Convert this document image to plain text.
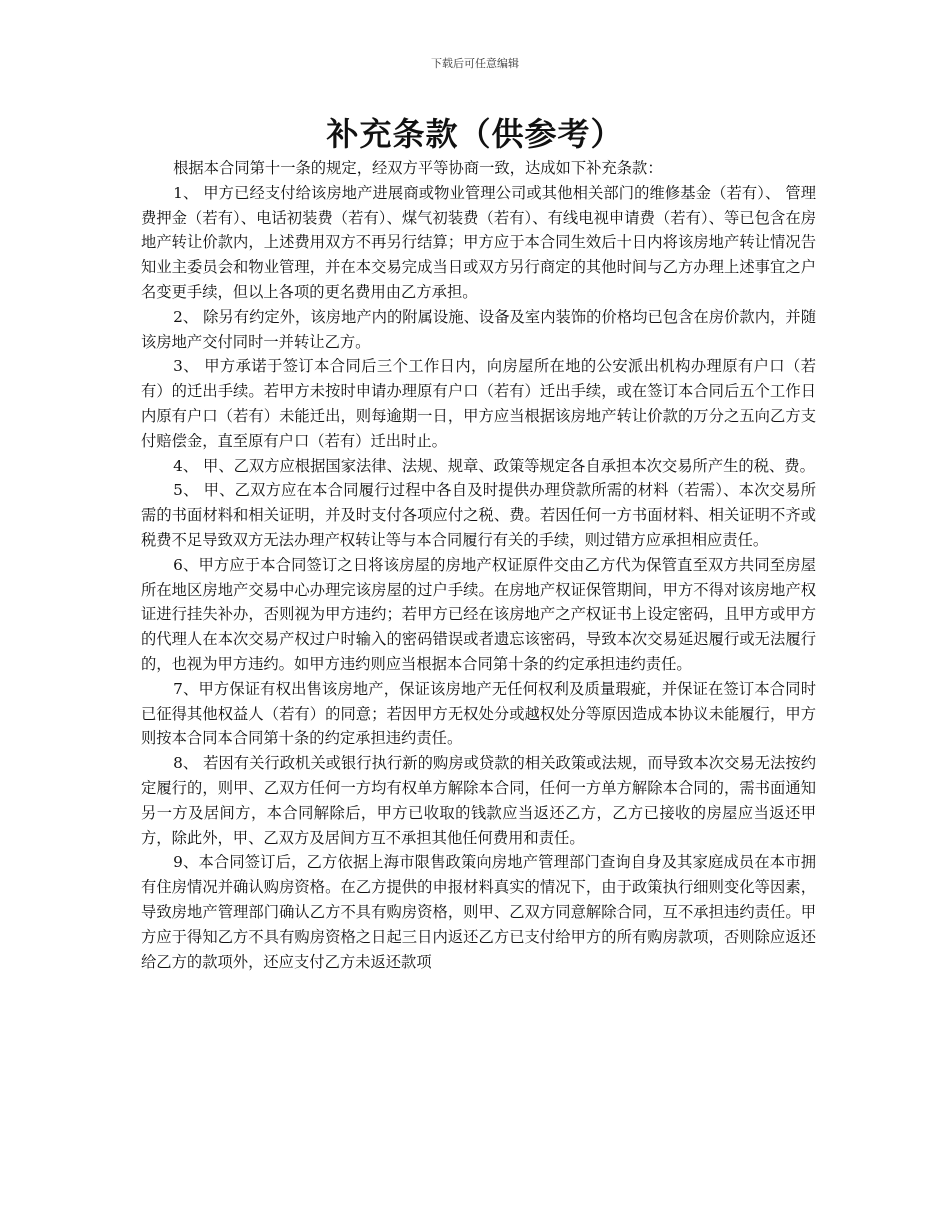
下载后可任意编辑
补充条款（供参考）

根据本合同第十一条的规定，经双方平等协商一致，达成如下补充条款：

1、 甲方已经支付给该房地产进展商或物业管理公司或其他相关部门的维修基金（若有）、 管理费押金（若有）、电话初装费（若有）、煤气初装费（若有）、有线电视申请费（若有）、等已包含在房地产转让价款内，上述费用双方不再另行结算；甲方应于本合同生效后十日内将该房地产转让情况告知业主委员会和物业管理，并在本交易完成当日或双方另行商定的其他时间与乙方办理上述事宜之户名变更手续，但以上各项的更名费用由乙方承担。

2、 除另有约定外，该房地产内的附属设施、设备及室内装饰的价格均已包含在房价款内，并随该房地产交付同时一并转让乙方。

3、 甲方承诺于签订本合同后三个工作日内，向房屋所在地的公安派出机构办理原有户口（若有）的迁出手续。若甲方未按时申请办理原有户口（若有）迁出手续，或在签订本合同后五个工作日内原有户口（若有）未能迁出，则每逾期一日，甲方应当根据该房地产转让价款的万分之五向乙方支付赔偿金，直至原有户口（若有）迁出时止。

4、 甲、乙双方应根据国家法律、法规、规章、政策等规定各自承担本次交易所产生的税、费。

5、 甲、乙双方应在本合同履行过程中各自及时提供办理贷款所需的材料（若需）、本次交易所需的书面材料和相关证明，并及时支付各项应付之税、费。若因任何一方书面材料、相关证明不齐或税费不足导致双方无法办理产权转让等与本合同履行有关的手续，则过错方应承担相应责任。

6、甲方应于本合同签订之日将该房屋的房地产权证原件交由乙方代为保管直至双方共同至房屋所在地区房地产交易中心办理完该房屋的过户手续。在房地产权证保管期间，甲方不得对该房地产权证进行挂失补办，否则视为甲方违约；若甲方已经在该房地产之产权证书上设定密码，且甲方或甲方的代理人在本次交易产权过户时输入的密码错误或者遗忘该密码，导致本次交易延迟履行或无法履行的，也视为甲方违约。如甲方违约则应当根据本合同第十条的约定承担违约责任。

7、甲方保证有权出售该房地产，保证该房地产无任何权利及质量瑕疵，并保证在签订本合同时已征得其他权益人（若有）的同意；若因甲方无权处分或越权处分等原因造成本协议未能履行，甲方则按本合同本合同第十条的约定承担违约责任。

8、 若因有关行政机关或银行执行新的购房或贷款的相关政策或法规，而导致本次交易无法按约定履行的，则甲、乙双方任何一方均有权单方解除本合同，任何一方单方解除本合同的，需书面通知另一方及居间方，本合同解除后，甲方已收取的钱款应当返还乙方，乙方已接收的房屋应当返还甲方，除此外，甲、乙双方及居间方互不承担其他任何费用和责任。

9、本合同签订后，乙方依据上海市限售政策向房地产管理部门查询自身及其家庭成员在本市拥有住房情况并确认购房资格。在乙方提供的申报材料真实的情况下，由于政策执行细则变化等因素，导致房地产管理部门确认乙方不具有购房资格，则甲、乙双方同意解除合同，互不承担违约责任。甲方应于得知乙方不具有购房资格之日起三日内返还乙方已支付给甲方的所有购房款项，否则除应返还给乙方的款项外，还应支付乙方未返还款项
